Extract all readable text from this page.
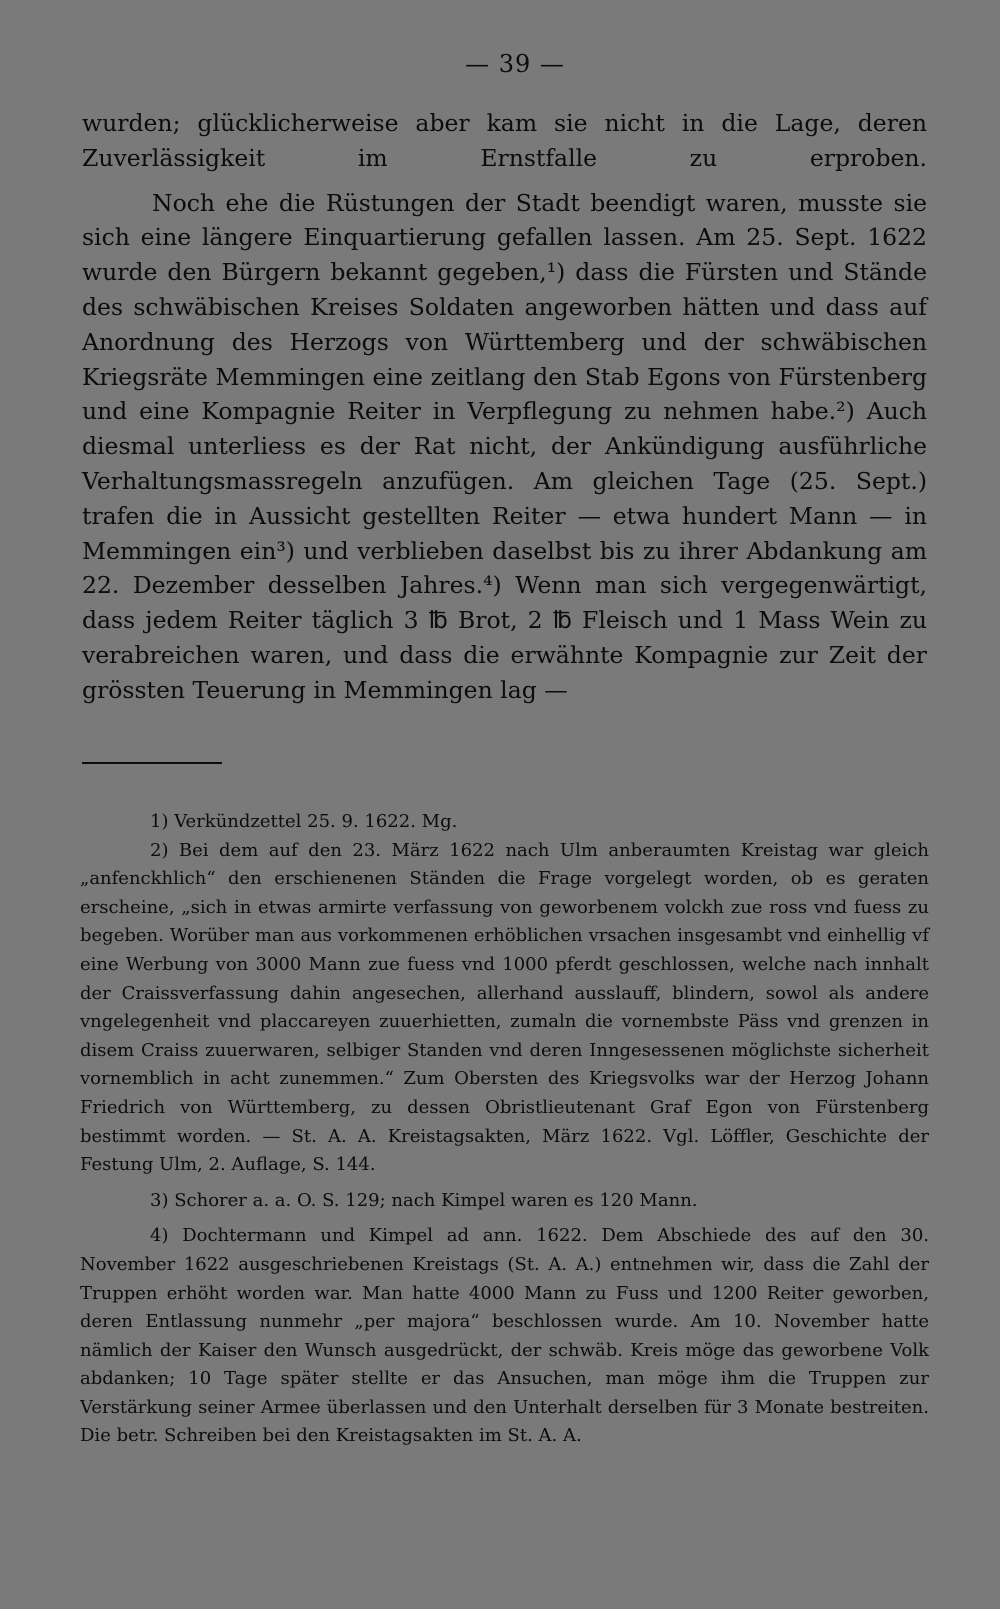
— 39 —

wurden; glücklicherweise aber kam sie nicht in die Lage, deren Zuverlässigkeit im Ernstfalle zu erproben.

Noch ehe die Rüstungen der Stadt beendigt waren, musste sie sich eine längere Einquartierung gefallen lassen. Am 25. Sept. 1622 wurde den Bürgern bekannt gegeben,¹) dass die Fürsten und Stände des schwäbischen Kreises Soldaten angeworben hätten und dass auf Anordnung des Herzogs von Württemberg und der schwäbischen Kriegsräte Memmingen eine zeitlang den Stab Egons von Fürstenberg und eine Kompagnie Reiter in Verpflegung zu nehmen habe.²) Auch diesmal unterliess es der Rat nicht, der Ankündigung ausführliche Verhaltungsmassregeln anzufügen. Am gleichen Tage (25. Sept.) trafen die in Aussicht gestellten Reiter — etwa hundert Mann — in Memmingen ein³) und verblieben daselbst bis zu ihrer Abdankung am 22. Dezember desselben Jahres.⁴) Wenn man sich vergegenwärtigt, dass jedem Reiter täglich 3 ℔ Brot, 2 ℔ Fleisch und 1 Mass Wein zu verabreichen waren, und dass die erwähnte Kompagnie zur Zeit der grössten Teuerung in Memmingen lag —

1) Verkündzettel 25. 9. 1622. Mg.

2) Bei dem auf den 23. März 1622 nach Ulm anberaumten Kreistag war gleich „anfenckhlich“ den erschienenen Ständen die Frage vorgelegt worden, ob es geraten erscheine, „sich in etwas armirte verfassung von geworbenem volckh zue ross vnd fuess zu begeben. Worüber man aus vorkommenen erhöblichen vrsachen insgesambt vnd einhellig vf eine Werbung von 3000 Mann zue fuess vnd 1000 pferdt geschlossen, welche nach innhalt der Craissverfassung dahin angesechen, allerhand ausslauff, blindern, sowol als andere vngelegenheit vnd placcareyen zuuerhietten, zumaln die vornembste Päss vnd grenzen in disem Craiss zuuerwaren, selbiger Standen vnd deren Inngesessenen möglichste sicherheit vornemblich in acht zunemmen.“ Zum Obersten des Kriegsvolks war der Herzog Johann Friedrich von Württemberg, zu dessen Obristlieutenant Graf Egon von Fürstenberg bestimmt worden. — St. A. A. Kreistagsakten, März 1622. Vgl. Löffler, Geschichte der Festung Ulm, 2. Auflage, S. 144.

3) Schorer a. a. O. S. 129; nach Kimpel waren es 120 Mann.

4) Dochtermann und Kimpel ad ann. 1622. Dem Abschiede des auf den 30. November 1622 ausgeschriebenen Kreistags (St. A. A.) entnehmen wir, dass die Zahl der Truppen erhöht worden war. Man hatte 4000 Mann zu Fuss und 1200 Reiter geworben, deren Entlassung nunmehr „per majora“ beschlossen wurde. Am 10. November hatte nämlich der Kaiser den Wunsch ausgedrückt, der schwäb. Kreis möge das geworbene Volk abdanken; 10 Tage später stellte er das Ansuchen, man möge ihm die Truppen zur Verstärkung seiner Armee überlassen und den Unterhalt derselben für 3 Monate bestreiten. Die betr. Schreiben bei den Kreistagsakten im St. A. A.
